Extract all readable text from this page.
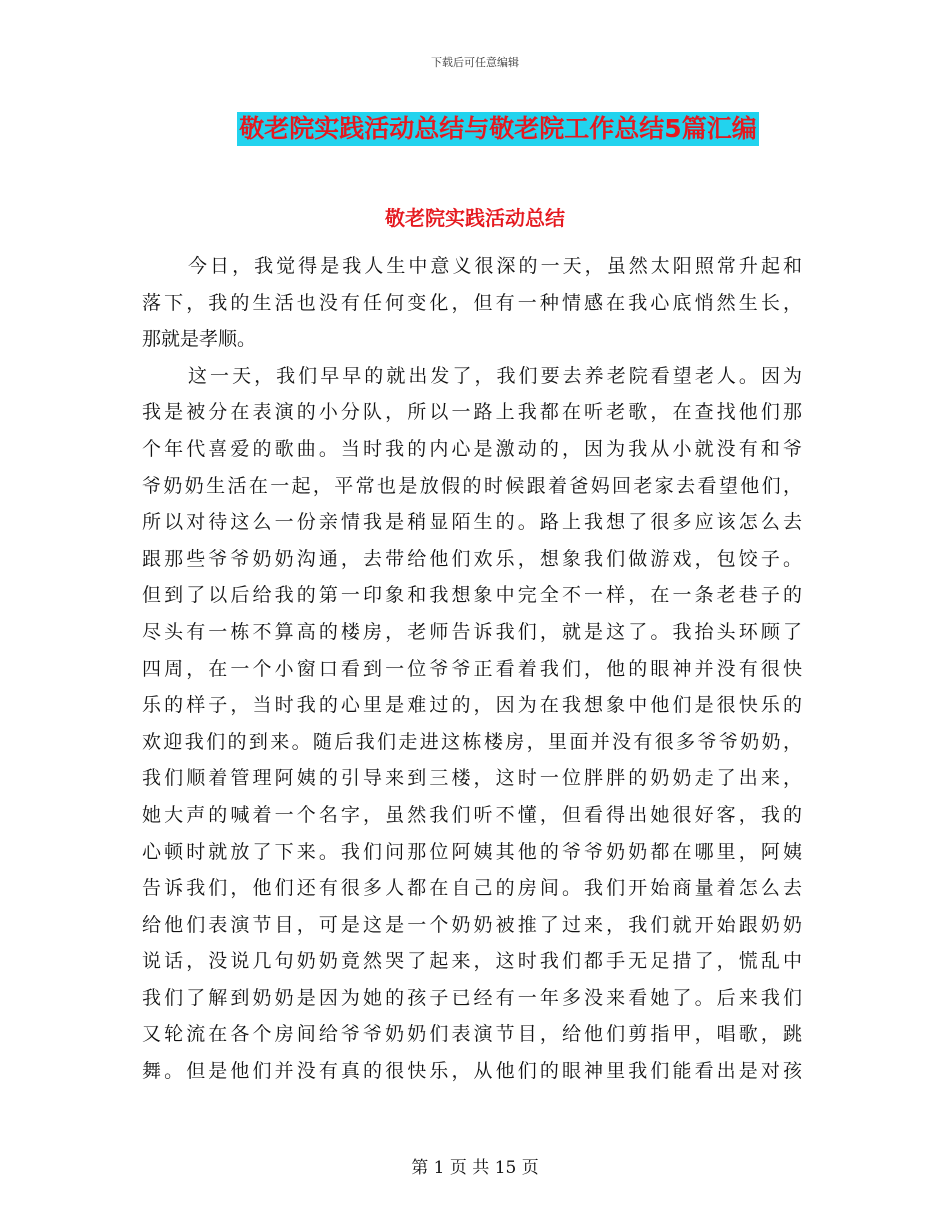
下载后可任意编辑
敬老院实践活动总结与敬老院工作总结5篇汇编
敬老院实践活动总结
今日，我觉得是我人生中意义很深的一天，虽然太阳照常升起和
落下，我的生活也没有任何变化，但有一种情感在我心底悄然生长，
那就是孝顺。
这一天，我们早早的就出发了，我们要去养老院看望老人。因为
我是被分在表演的小分队，所以一路上我都在听老歌，在查找他们那
个年代喜爱的歌曲。当时我的内心是激动的，因为我从小就没有和爷
爷奶奶生活在一起，平常也是放假的时候跟着爸妈回老家去看望他们，
所以对待这么一份亲情我是稍显陌生的。路上我想了很多应该怎么去
跟那些爷爷奶奶沟通，去带给他们欢乐，想象我们做游戏，包饺子。
但到了以后给我的第一印象和我想象中完全不一样，在一条老巷子的
尽头有一栋不算高的楼房，老师告诉我们，就是这了。我抬头环顾了
四周，在一个小窗口看到一位爷爷正看着我们，他的眼神并没有很快
乐的样子，当时我的心里是难过的，因为在我想象中他们是很快乐的
欢迎我们的到来。随后我们走进这栋楼房，里面并没有很多爷爷奶奶，
我们顺着管理阿姨的引导来到三楼，这时一位胖胖的奶奶走了出来，
她大声的喊着一个名字，虽然我们听不懂，但看得出她很好客，我的
心顿时就放了下来。我们问那位阿姨其他的爷爷奶奶都在哪里，阿姨
告诉我们，他们还有很多人都在自己的房间。我们开始商量着怎么去
给他们表演节目，可是这是一个奶奶被推了过来，我们就开始跟奶奶
说话，没说几句奶奶竟然哭了起来，这时我们都手无足措了，慌乱中
我们了解到奶奶是因为她的孩子已经有一年多没来看她了。后来我们
又轮流在各个房间给爷爷奶奶们表演节目，给他们剪指甲，唱歌，跳
舞。但是他们并没有真的很快乐，从他们的眼神里我们能看出是对孩
第 1 页 共 15 页
